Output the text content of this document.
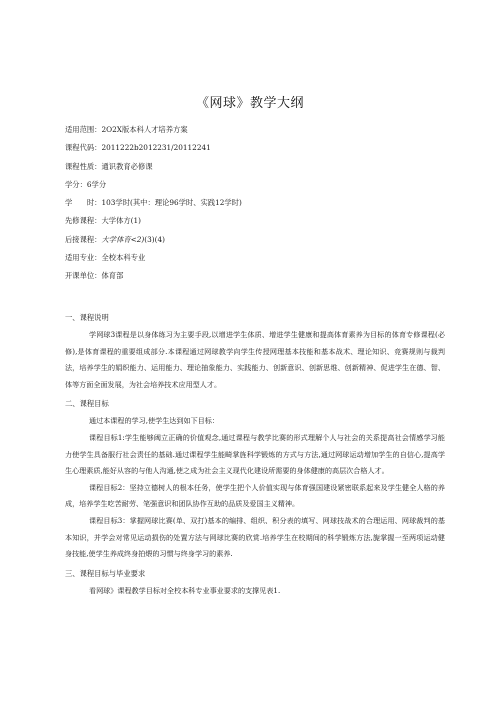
《网球》教学大纲
适用范围：2O2X版本科人才培养方案
课程代码：2011222b2012231/20112241
课程性质：通识教育必修课
学分：6学分
学　　时：103学时(其中：理论96学时、实践12学时)
先修课程：大学体方(1)
后接课程：大学体育<2)(3)(4)
适用专业：全校本科专业
开课单位：体育部
一、课程说明

学网球3课程是以身体练习为主要手段,以增进学生体质、增进学生健康和提高体育素养为目标的体育专修课程(必修),是体育课程的重要组成部分.本课程通过网球教学向学生传授网理基本技能和基本战术、理论知识、竞赛规则与裁判法，培养学生的娟织能力、运用能力、理论抽象能力、实践能力、创新意识、创新思维、创新精神、促进学生在德、智、体等方面全面发展，为社会培养技术应用型人才。

二、课程目标

通过本课程的学习,使学生达到如下目标：

课程目标1:学生能够阈立正确的价值观念,通过课程与教学比赛的形式理解个人与社会的关系提高社会情感学习能力使学生具备服行社会责任的基础.通过课程学生能畸掌旌科学锻炼的方式与方法,通过网球运动增加学生的自信心,提高学生心理素质,能好从容的与他人沟通,使之成为社会主义现代化建设所需要的身体健康的高层次合格人才。

课程目标2：坚持立德树人的根本任务，使学生把个人价值实现与体育强国建设紧密联系起来及学生健全人格的养成，培养学生吃苦耐劳、笔强意识和团队协作互助的品质及爱国主义精神。

课程目标3：掌握网球比赛(单、双打)基本的编排、组织、积分表的填写、网球技战术的合理运用、网球裁判的基本知识，并学会对常见运动损伤的处置方法与网球比赛的欣赏.培养学生在校期间的科学锻炼方法,旎掌握一至两项运动健身技能,使学生养成终身拍煨的习惯与终身学习的素养.

三、课程目标与毕业要求

看网球》课程教学目标对全校本科专业事业要求的支撑见表1.
